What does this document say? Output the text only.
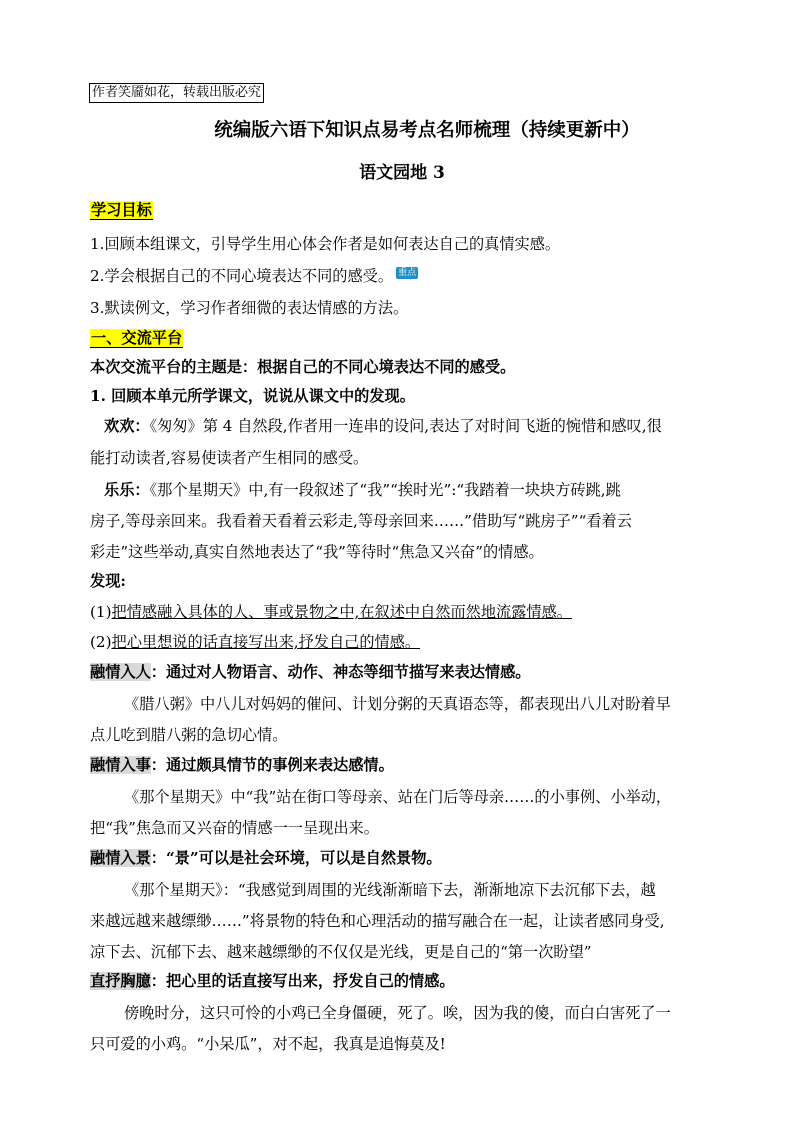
作者笑靥如花，转载出版必究
统编版六语下知识点易考点名师梳理（持续更新中）
语文园地 3
学习目标
1.回顾本组课文，引导学生用心体会作者是如何表达自己的真情实感。
2.学会根据自己的不同心境表达不同的感受。 重点
3.默读例文，学习作者细微的表达情感的方法。
一、交流平台
本次交流平台的主题是：根据自己的不同心境表达不同的感受。
1. 回顾本单元所学课文，说说从课文中的发现。
欢欢：《匆匆》第 4 自然段,作者用一连串的设问,表达了对时间飞逝的惋惜和感叹,很
能打动读者,容易使读者产生相同的感受。
乐乐：《那个星期天》中,有一段叙述了“我”“挨时光”:“我踏着一块块方砖跳,跳
房子,等母亲回来。我看着天看着云彩走,等母亲回来……”借助写“跳房子”“看着云
彩走”这些举动,真实自然地表达了“我”等待时“焦急又兴奋”的情感。
发现:
(1)把情感融入具体的人、事或景物之中,在叙述中自然而然地流露情感。
(2)把心里想说的话直接写出来,抒发自己的情感。
融情入人：通过对人物语言、动作、神态等细节描写来表达情感。
《腊八粥》中八儿对妈妈的催问、计划分粥的天真语态等，都表现出八儿对盼着早
点儿吃到腊八粥的急切心情。
融情入事：通过颇具情节的事例来表达感情。
《那个星期天》中“我”站在街口等母亲、站在门后等母亲……的小事例、小举动，
把“我”焦急而又兴奋的情感一一呈现出来。
融情入景：“景”可以是社会环境，可以是自然景物。
《那个星期天》：“我感觉到周围的光线渐渐暗下去，渐渐地凉下去沉郁下去，越
来越远越来越缥缈……”将景物的特色和心理活动的描写融合在一起，让读者感同身受,
凉下去、沉郁下去、越来越缥缈的不仅仅是光线，更是自己的“第一次盼望”
直抒胸臆：把心里的话直接写出来，抒发自己的情感。
傍晚时分，这只可怜的小鸡已全身僵硬，死了。唉，因为我的傻，而白白害死了一
只可爱的小鸡。“小呆瓜”，对不起，我真是追悔莫及!
